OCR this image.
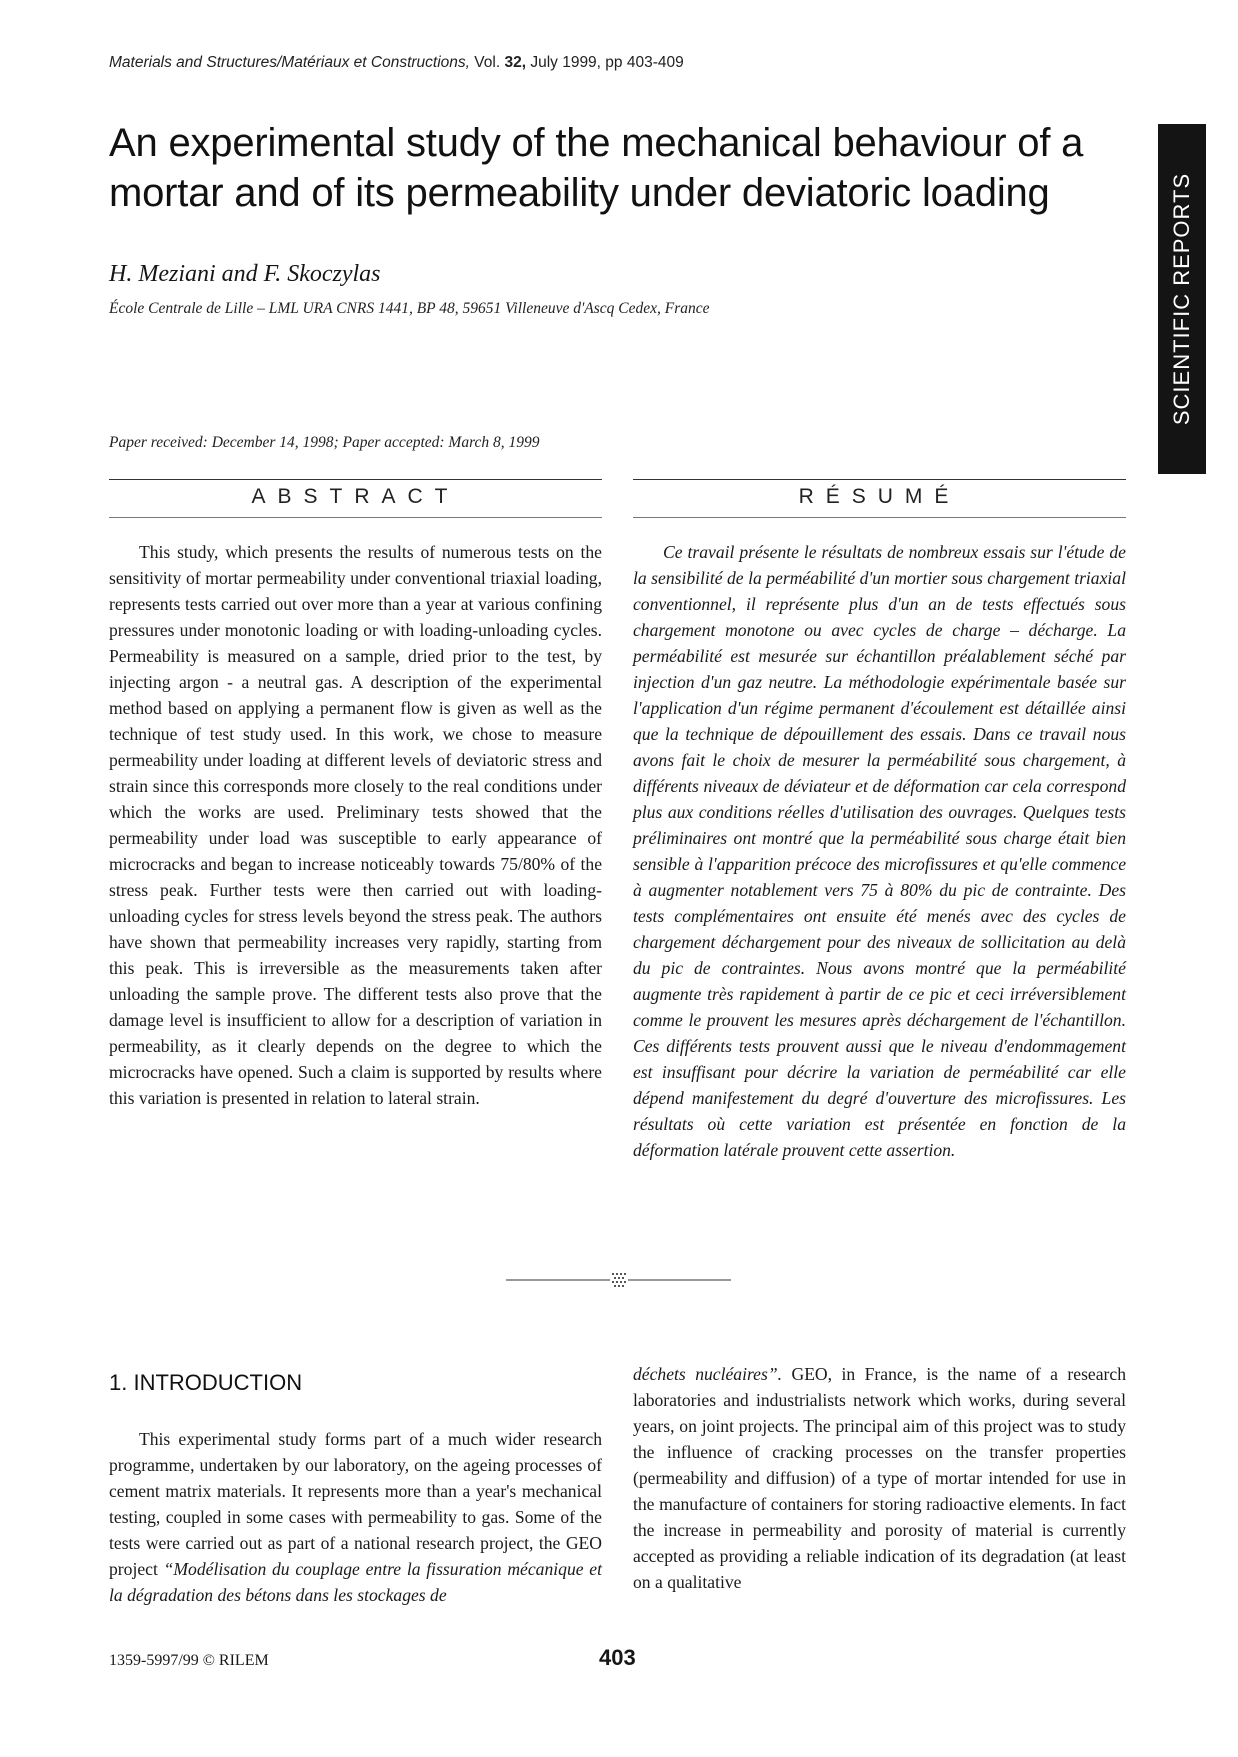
Materials and Structures/Matériaux et Constructions, Vol. 32, July 1999, pp 403-409
An experimental study of the mechanical behaviour of a mortar and of its permeability under deviatoric loading
H. Meziani and F. Skoczylas
École Centrale de Lille – LML URA CNRS 1441, BP 48, 59651 Villeneuve d'Ascq Cedex, France
Paper received: December 14, 1998; Paper accepted: March 8, 1999
SCIENTIFIC REPORTS
ABSTRACT	RÉSUMÉ

This study, which presents the results of numerous tests on the sensitivity of mortar permeability under conventional triaxial loading, represents tests carried out over more than a year at various confining pressures under monotonic loading or with loading-unloading cycles. Permeability is measured on a sample, dried prior to the test, by injecting argon - a neutral gas. A description of the experimental method based on applying a permanent flow is given as well as the technique of test study used. In this work, we chose to measure permeability under loading at different levels of deviatoric stress and strain since this corresponds more closely to the real conditions under which the works are used. Preliminary tests showed that the permeability under load was susceptible to early appearance of microcracks and began to increase noticeably towards 75/80% of the stress peak. Further tests were then carried out with loading-unloading cycles for stress levels beyond the stress peak. The authors have shown that permeability increases very rapidly, starting from this peak. This is irreversible as the measurements taken after unloading the sample prove. The different tests also prove that the damage level is insufficient to allow for a description of variation in permeability, as it clearly depends on the degree to which the microcracks have opened. Such a claim is supported by results where this variation is presented in relation to lateral strain.

Ce travail présente le résultats de nombreux essais sur l'étude de la sensibilité de la perméabilité d'un mortier sous chargement triaxial conventionnel, il représente plus d'un an de tests effectués sous chargement monotone ou avec cycles de charge – décharge. La perméabilité est mesurée sur échantillon préalablement séché par injection d'un gaz neutre. La méthodologie expérimentale basée sur l'application d'un régime permanent d'écoulement est détaillée ainsi que la technique de dépouillement des essais. Dans ce travail nous avons fait le choix de mesurer la perméabilité sous chargement, à différents niveaux de déviateur et de déformation car cela correspond plus aux conditions réelles d'utilisation des ouvrages. Quelques tests préliminaires ont montré que la perméabilité sous charge était bien sensible à l'apparition précoce des microfissures et qu'elle commence à augmenter notablement vers 75 à 80% du pic de contrainte. Des tests complémentaires ont ensuite été menés avec des cycles de chargement déchargement pour des niveaux de sollicitation au delà du pic de contraintes. Nous avons montré que la perméabilité augmente très rapidement à partir de ce pic et ceci irréversiblement comme le prouvent les mesures après déchargement de l'échantillon. Ces différents tests prouvent aussi que le niveau d'endommagement est insuffisant pour décrire la variation de perméabilité car elle dépend manifestement du degré d'ouverture des microfissures. Les résultats où cette variation est présentée en fonction de la déformation latérale prouvent cette assertion.

1. INTRODUCTION

This experimental study forms part of a much wider research programme, undertaken by our laboratory, on the ageing processes of cement matrix materials. It represents more than a year's mechanical testing, coupled in some cases with permeability to gas. Some of the tests were carried out as part of a national research project, the GEO project “Modélisation du couplage entre la fissuration mécanique et la dégradation des bétons dans les stockages de

déchets nucléaires”. GEO, in France, is the name of a research laboratories and industrialists network which works, during several years, on joint projects. The principal aim of this project was to study the influence of cracking processes on the transfer properties (permeability and diffusion) of a type of mortar intended for use in the manufacture of containers for storing radioactive elements. In fact the increase in permeability and porosity of material is currently accepted as providing a reliable indication of its degradation (at least on a qualitative

1359-5997/99 © RILEM	403
